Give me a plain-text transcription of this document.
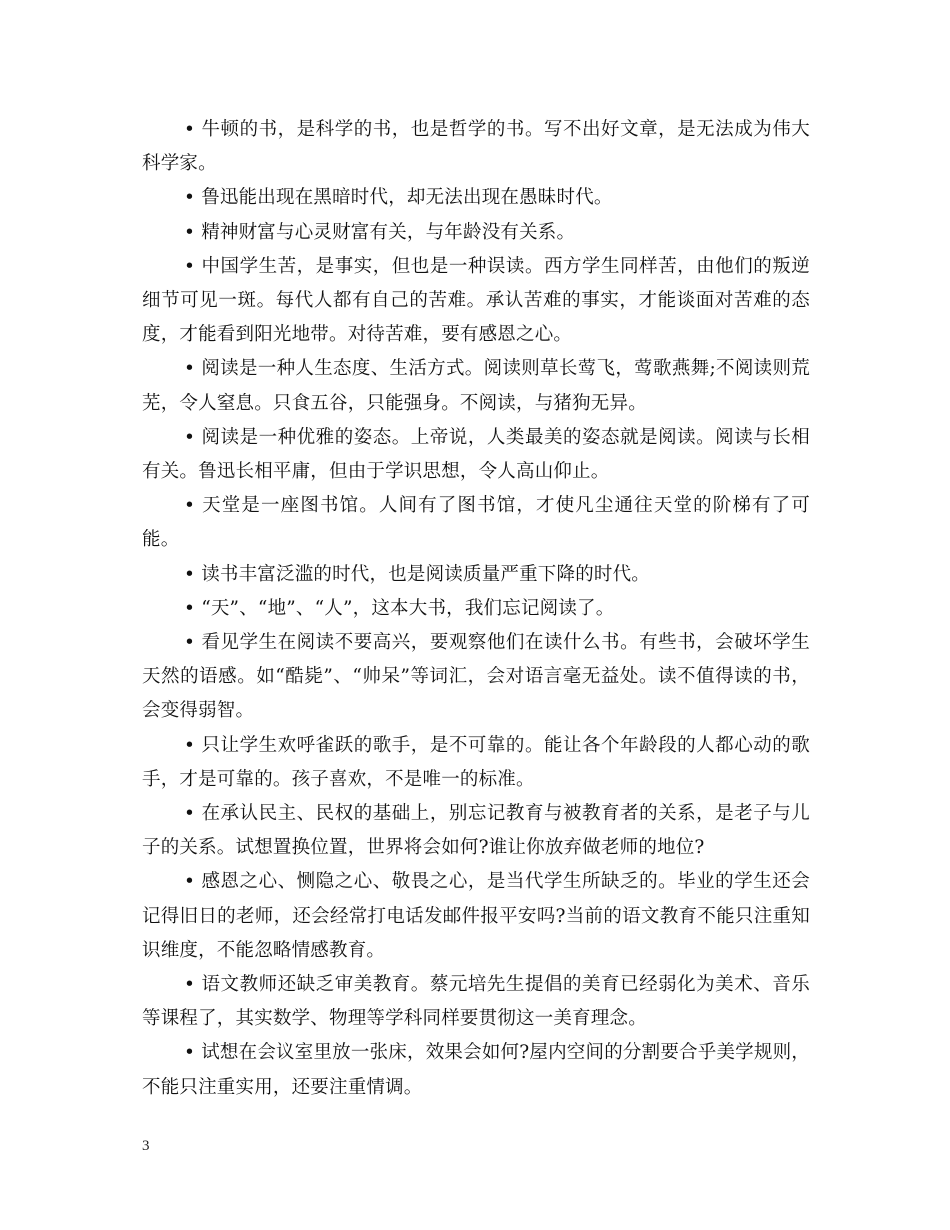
• 牛顿的书，是科学的书，也是哲学的书。写不出好文章，是无法成为伟大科学家。

• 鲁迅能出现在黑暗时代，却无法出现在愚昧时代。

• 精神财富与心灵财富有关，与年龄没有关系。

• 中国学生苦，是事实，但也是一种误读。西方学生同样苦，由他们的叛逆细节可见一斑。每代人都有自己的苦难。承认苦难的事实，才能谈面对苦难的态度，才能看到阳光地带。对待苦难，要有感恩之心。

• 阅读是一种人生态度、生活方式。阅读则草长莺飞，莺歌燕舞;不阅读则荒芜，令人窒息。只食五谷，只能强身。不阅读，与猪狗无异。

• 阅读是一种优雅的姿态。上帝说，人类最美的姿态就是阅读。阅读与长相有关。鲁迅长相平庸，但由于学识思想，令人高山仰止。

• 天堂是一座图书馆。人间有了图书馆，才使凡尘通往天堂的阶梯有了可能。

• 读书丰富泛滥的时代，也是阅读质量严重下降的时代。

• “天”、“地”、“人”，这本大书，我们忘记阅读了。

• 看见学生在阅读不要高兴，要观察他们在读什么书。有些书，会破坏学生天然的语感。如“酷毙”、“帅呆”等词汇，会对语言毫无益处。读不值得读的书，会变得弱智。

• 只让学生欢呼雀跃的歌手，是不可靠的。能让各个年龄段的人都心动的歌手，才是可靠的。孩子喜欢，不是唯一的标准。

• 在承认民主、民权的基础上，别忘记教育与被教育者的关系，是老子与儿子的关系。试想置换位置，世界将会如何?谁让你放弃做老师的地位?

• 感恩之心、恻隐之心、敬畏之心，是当代学生所缺乏的。毕业的学生还会记得旧日的老师，还会经常打电话发邮件报平安吗?当前的语文教育不能只注重知识维度，不能忽略情感教育。

• 语文教师还缺乏审美教育。蔡元培先生提倡的美育已经弱化为美术、音乐等课程了，其实数学、物理等学科同样要贯彻这一美育理念。

• 试想在会议室里放一张床，效果会如何?屋内空间的分割要合乎美学规则，不能只注重实用，还要注重情调。

3
